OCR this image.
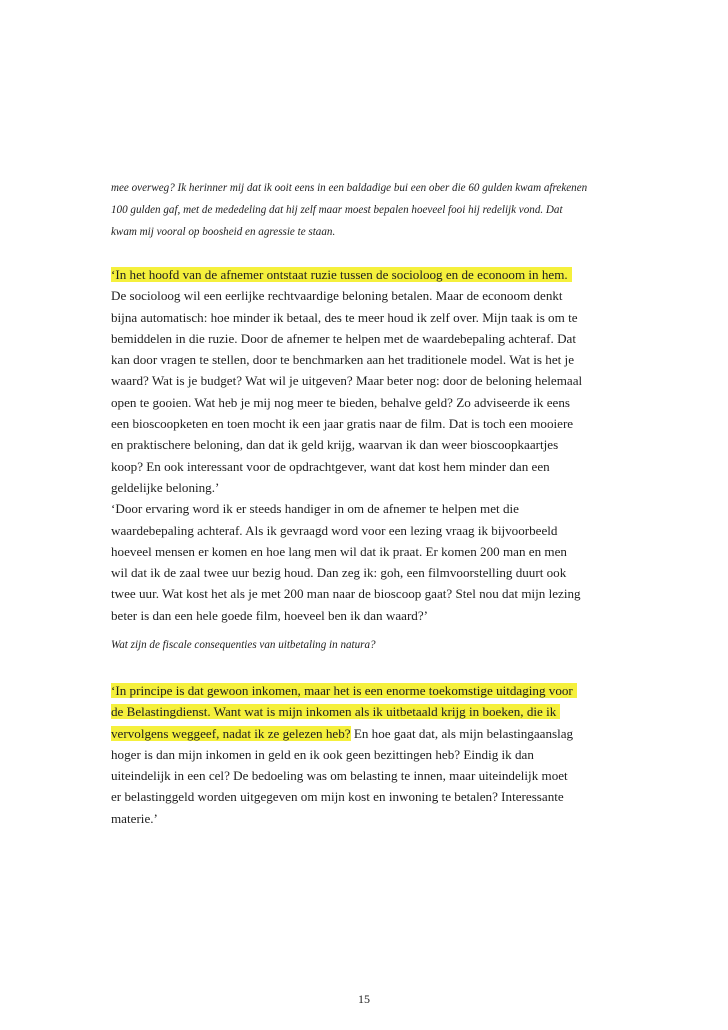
mee overweg? Ik herinner mij dat ik ooit eens in een baldadige bui een ober die 60 gulden kwam afrekenen
100 gulden gaf, met de mededeling dat hij zelf maar moest bepalen hoeveel fooi hij redelijk vond. Dat
kwam mij vooral op boosheid en agressie te staan.
‘In het hoofd van de afnemer ontstaat ruzie tussen de socioloog en de econoom in hem.
De socioloog wil een eerlijke rechtvaardige beloning betalen. Maar de econoom denkt
bijna automatisch: hoe minder ik betaal, des te meer houd ik zelf over. Mijn taak is om te
bemiddelen in die ruzie. Door de afnemer te helpen met de waardebepaling achteraf. Dat
kan door vragen te stellen, door te benchmarken aan het traditionele model. Wat is het je
waard? Wat is je budget? Wat wil je uitgeven? Maar beter nog: door de beloning helemaal
open te gooien. Wat heb je mij nog meer te bieden, behalve geld? Zo adviseerde ik eens
een bioscoopketen en toen mocht ik een jaar gratis naar de film. Dat is toch een mooiere
en praktischere beloning, dan dat ik geld krijg, waarvan ik dan weer bioscoopkaartjes
koop? En ook interessant voor de opdrachtgever, want dat kost hem minder dan een
geldelijke beloning.’
‘Door ervaring word ik er steeds handiger in om de afnemer te helpen met die
waardebepaling achteraf. Als ik gevraagd word voor een lezing vraag ik bijvoorbeeld
hoeveel mensen er komen en hoe lang men wil dat ik praat. Er komen 200 man en men
wil dat ik de zaal twee uur bezig houd. Dan zeg ik: goh, een filmvoorstelling duurt ook
twee uur. Wat kost het als je met 200 man naar de bioscoop gaat? Stel nou dat mijn lezing
beter is dan een hele goede film, hoeveel ben ik dan waard?’
Wat zijn de fiscale consequenties van uitbetaling in natura?
‘In principe is dat gewoon inkomen, maar het is een enorme toekomstige uitdaging voor
de Belastingdienst. Want wat is mijn inkomen als ik uitbetaald krijg in boeken, die ik
vervolgens weggeef, nadat ik ze gelezen heb? En hoe gaat dat, als mijn belastingaanslag
hoger is dan mijn inkomen in geld en ik ook geen bezittingen heb? Eindig ik dan
uiteindelijk in een cel? De bedoeling was om belasting te innen, maar uiteindelijk moet
er belastinggeld worden uitgegeven om mijn kost en inwoning te betalen? Interessante
materie.’
15
